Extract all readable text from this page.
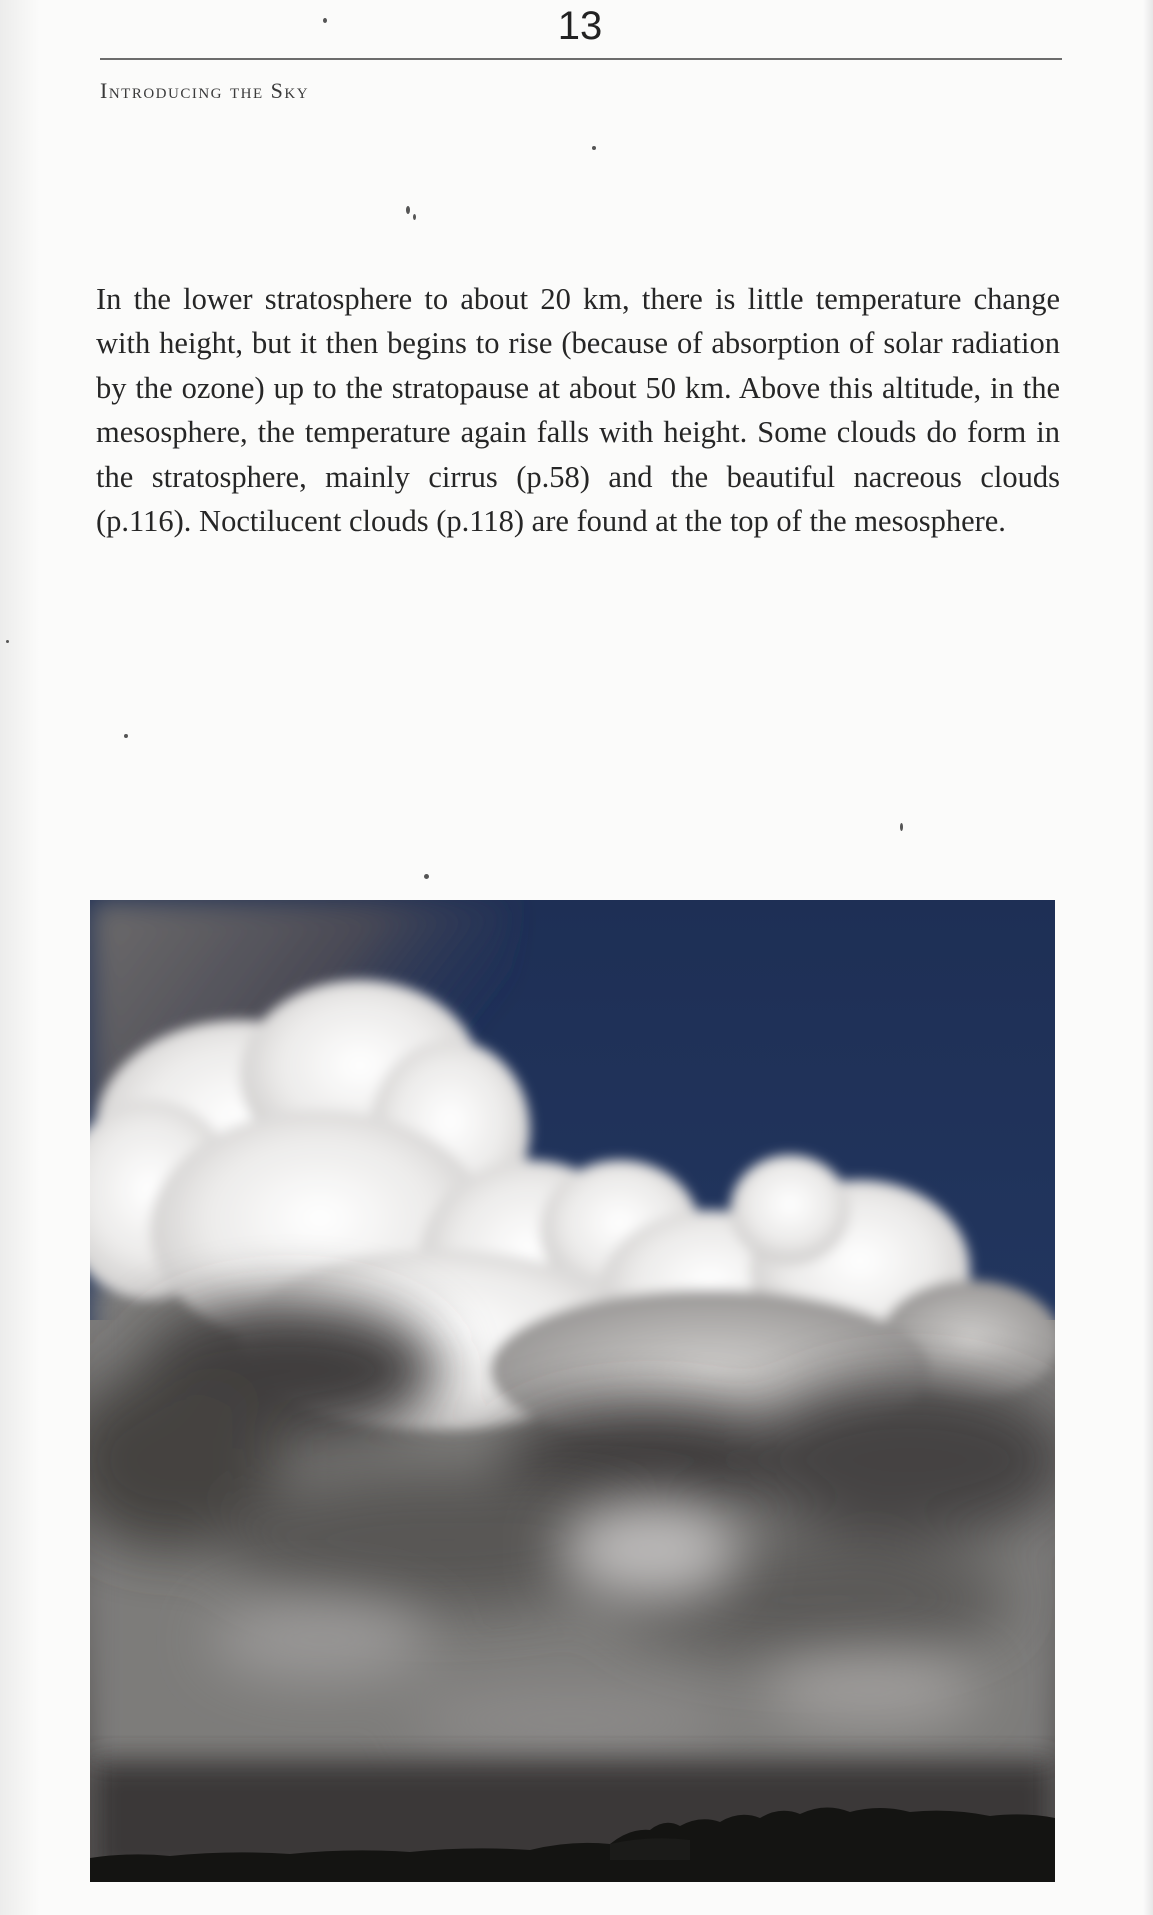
13
Introducing the Sky

In the lower stratosphere to about 20 km, there is little temperature change with height, but it then begins to rise (because of absorption of solar radiation by the ozone) up to the stratopause at about 50 km. Above this altitude, in the mesosphere, the temperature again falls with height. Some clouds do form in the stratosphere, mainly cirrus (p.58) and the beautiful nacreous clouds (p.116). Noctilucent clouds (p.118) are found at the top of the mesosphere.
